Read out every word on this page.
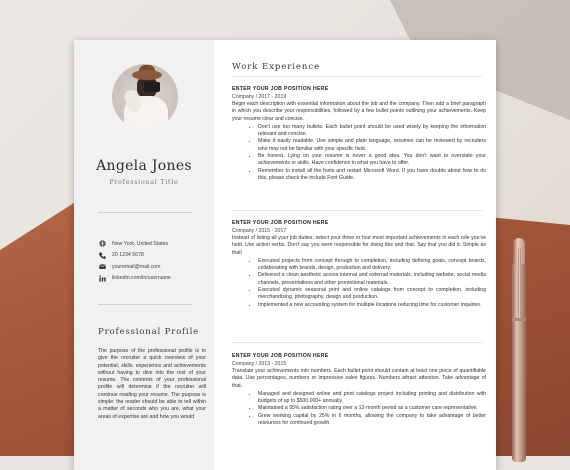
Angela Jones
Professional Title
New York, United States
20 1234 5678
youremail@mail.com
linkedin.com/in/username
Professional Profile
The purpose of the professional profile is to give the recruiter a quick overview of your potential, skills, experience and achievements without having to dive into the rest of your resume. The contents of your professional profile will determine if the recruiter will continue reading your resume. The purpose is simple: the reader should be able to tell within a matter of seconds who you are, what your areas of expertise are and how you would
Work Experience
ENTER YOUR JOB POSITION HERE
Company / 2017 - 2019
Begin each description with essential information about the job and the company. Then add a brief paragraph in which you describe your responsibilities, followed by a few bullet points outlining your achievements. Keep your resume clear and concise.
• Don't use too many bullets. Each bullet point should be used wisely by keeping the information relevant and concise.
• Make it easily readable. Use simple and plain language, resumes can be reviewed by recruiters who may not be familiar with your specific field.
• Be honest. Lying on your resume is never a good idea. You don't want to overstate your achievements or skills. Have confidence in what you have to offer.
• Remember to install all the fonts and restart Microsoft Word. If you have doubts about how to do this, please check the include Font Guide.
ENTER YOUR JOB POSITION HERE
Company / 2015 - 2017
Instead of listing all your job duties, select your three or four most important achievements in each role you've held. Use action verbs. Don't say you were responsible for doing this and that. Say that you did it. Simple as that!
• Executed projects from concept through to completion, including defining goals, concept boards, collaborating with brands, design, production and delivery.
• Delivered a clean aesthetic across internal and external materials, including website, social media channels, presentations and other promotional materials.
• Executed dynamic seasonal print and online catalogs from concept to completion, including merchandising, photography, design and production.
• Implemented a new accounting system for multiple locations reducing time for customer inquiries.
ENTER YOUR JOB POSITION HERE
Company / 2013 - 2015
Translate your achievements into numbers. Each bullet point should contain at least one piece of quantifiable data. Use percentages, numbers or impressive sales figures. Numbers attract attention. Take advantage of that.
• Managed and designed online and print catalogs project including printing and distribution with budgets of up to $500.000+ annually.
• Maintained a 95% satisfaction rating over a 12-month period as a customer care representative.
• Grew working capital by 25% in 6 months, allowing the company to take advantage of better resources for continued growth.
